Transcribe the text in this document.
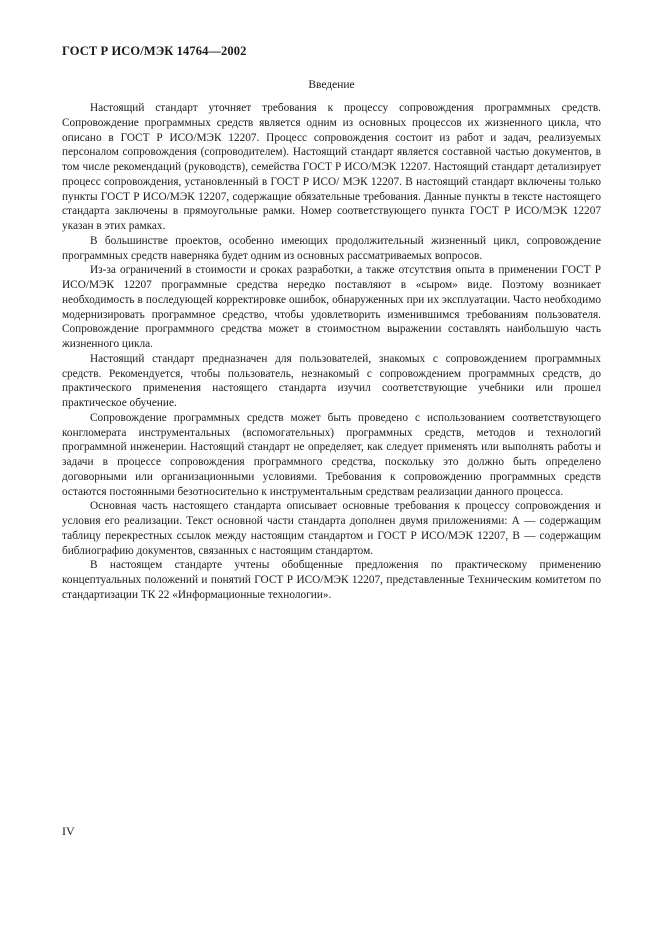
ГОСТ Р ИСО/МЭК 14764—2002
Введение

Настоящий стандарт уточняет требования к процессу сопровождения программных средств. Сопровождение программных средств является одним из основных процессов их жизненного цикла, что описано в ГОСТ Р ИСО/МЭК 12207. Процесс сопровождения состоит из работ и задач, реализуемых персоналом сопровождения (сопроводителем). Настоящий стандарт является составной частью документов, в том числе рекомендаций (руководств), семейства ГОСТ Р ИСО/МЭК 12207. Настоящий стандарт детализирует процесс сопровождения, установленный в ГОСТ Р ИСО/ МЭК 12207. В настоящий стандарт включены только пункты ГОСТ Р ИСО/МЭК 12207, содержащие обязательные требования. Данные пункты в тексте настоящего стандарта заключены в прямоугольные рамки. Номер соответствующего пункта ГОСТ Р ИСО/МЭК 12207 указан в этих рамках.

В большинстве проектов, особенно имеющих продолжительный жизненный цикл, сопровождение программных средств наверняка будет одним из основных рассматриваемых вопросов.

Из-за ограничений в стоимости и сроках разработки, а также отсутствия опыта в применении ГОСТ Р ИСО/МЭК 12207 программные средства нередко поставляют в «сыром» виде. Поэтому возникает необходимость в последующей корректировке ошибок, обнаруженных при их эксплуатации. Часто необходимо модернизировать программное средство, чтобы удовлетворить изменившимся требованиям пользователя. Сопровождение программного средства может в стоимостном выражении составлять наибольшую часть жизненного цикла.

Настоящий стандарт предназначен для пользователей, знакомых с сопровождением программных средств. Рекомендуется, чтобы пользователь, незнакомый с сопровождением программных средств, до практического применения настоящего стандарта изучил соответствующие учебники или прошел практическое обучение.

Сопровождение программных средств может быть проведено с использованием соответствующего конгломерата инструментальных (вспомогательных) программных средств, методов и технологий программной инженерии. Настоящий стандарт не определяет, как следует применять или выполнять работы и задачи в процессе сопровождения программного средства, поскольку это должно быть определено договорными или организационными условиями. Требования к сопровождению программных средств остаются постоянными безотносительно к инструментальным средствам реализации данного процесса.

Основная часть настоящего стандарта описывает основные требования к процессу сопровождения и условия его реализации. Текст основной части стандарта дополнен двумя приложениями: А — содержащим таблицу перекрестных ссылок между настоящим стандартом и ГОСТ Р ИСО/МЭК 12207, В — содержащим библиографию документов, связанных с настоящим стандартом.

В настоящем стандарте учтены обобщенные предложения по практическому применению концептуальных положений и понятий ГОСТ Р ИСО/МЭК 12207, представленные Техническим комитетом по стандартизации ТК 22 «Информационные технологии».

IV
